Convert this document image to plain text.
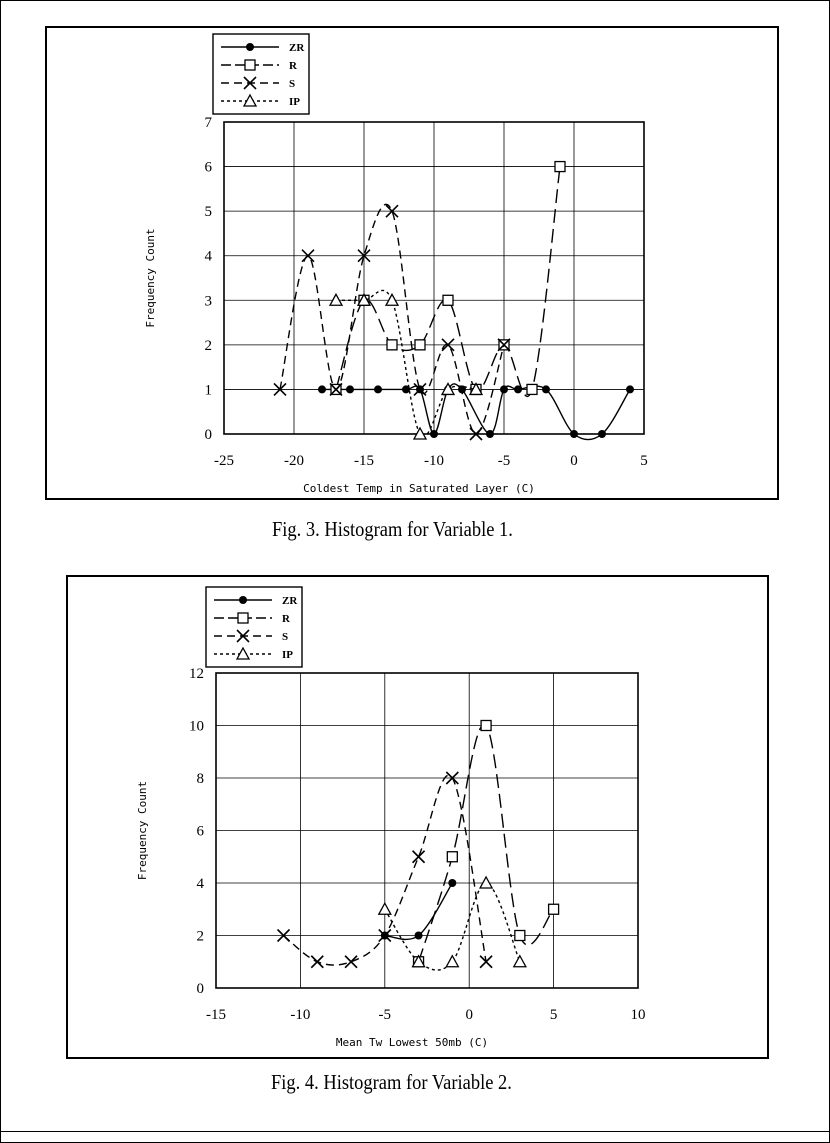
-25	-20	-15	-10	-5	0	5
0
1
2
3
4
5
6
7
Coldest Temp in Saturated Layer (C)
Frequency Count
ZR
R
S
IP
Fig. 3. Histogram for Variable 1.
-15	-10	-5	0	5	10
0
2
4
6
8
10
12
Mean Tw Lowest 50mb (C)
Frequency Count
ZR
R
S
IP
Fig. 4. Histogram for Variable 2.
